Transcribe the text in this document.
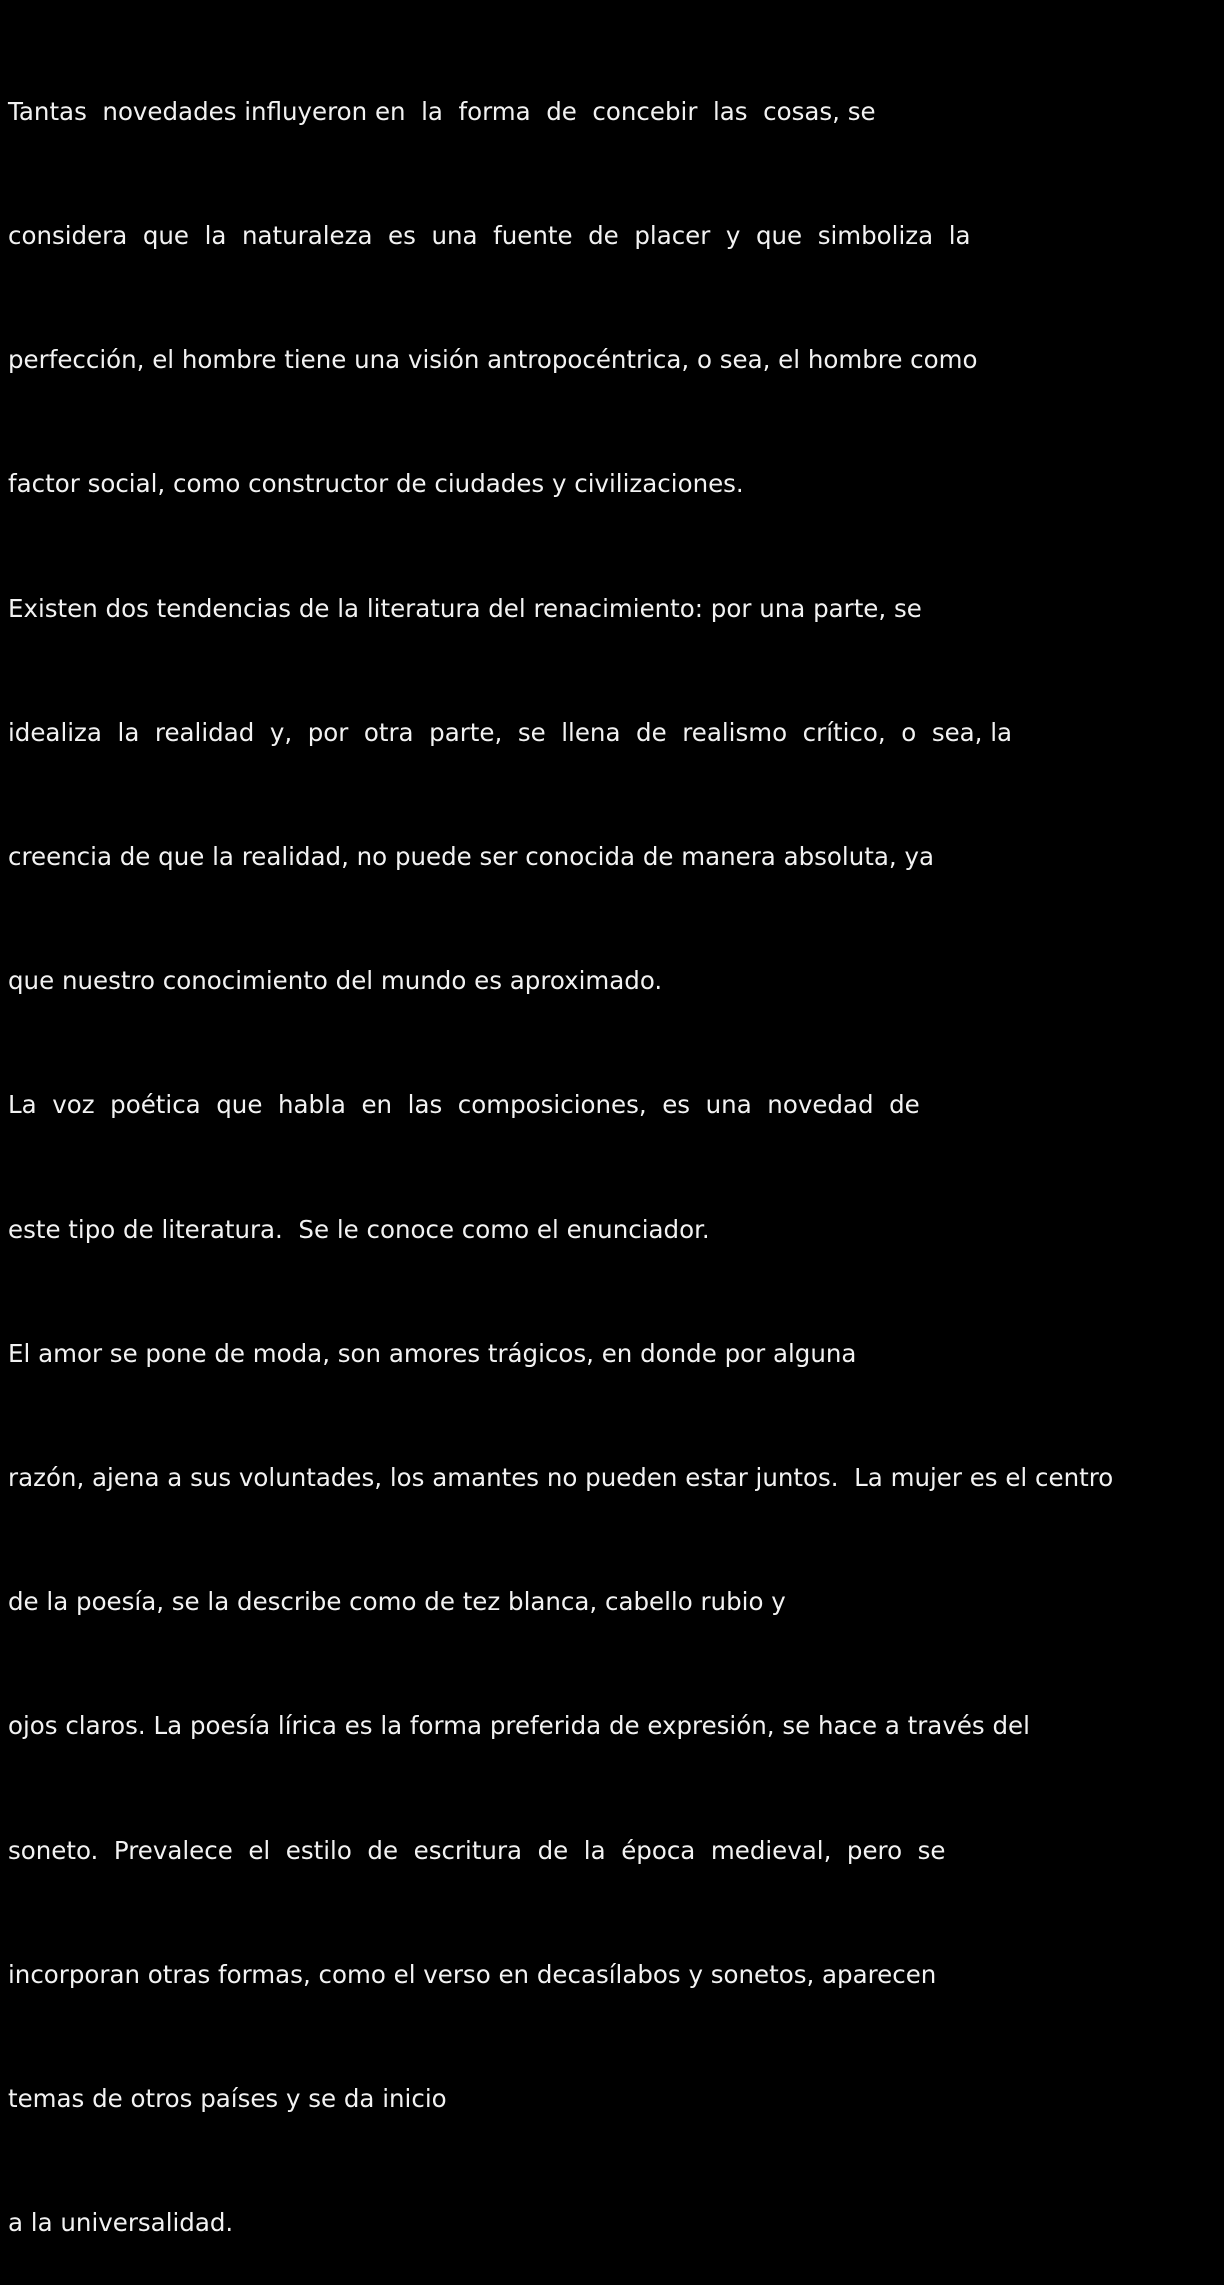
Tantas  novedades influyeron en  la  forma  de  concebir  las  cosas, se

considera  que  la  naturaleza  es  una  fuente  de  placer  y  que  simboliza  la

perfección, el hombre tiene una visión antropocéntrica, o sea, el hombre como

factor social, como constructor de ciudades y civilizaciones.

Existen dos tendencias de la literatura del renacimiento: por una parte, se

idealiza  la  realidad  y,  por  otra  parte,  se  llena  de  realismo  crítico,  o  sea, la

creencia de que la realidad, no puede ser conocida de manera absoluta, ya

que nuestro conocimiento del mundo es aproximado.

La  voz  poética  que  habla  en  las  composiciones,  es  una  novedad  de

este tipo de literatura.  Se le conoce como el enunciador.

El amor se pone de moda, son amores trágicos, en donde por alguna

razón, ajena a sus voluntades, los amantes no pueden estar juntos.  La mujer es el centro

de la poesía, se la describe como de tez blanca, cabello rubio y

ojos claros. La poesía lírica es la forma preferida de expresión, se hace a través del

soneto.  Prevalece  el  estilo  de  escritura  de  la  época  medieval,  pero  se

incorporan otras formas, como el verso en decasílabos y sonetos, aparecen

temas de otros países y se da inicio

a la universalidad.
